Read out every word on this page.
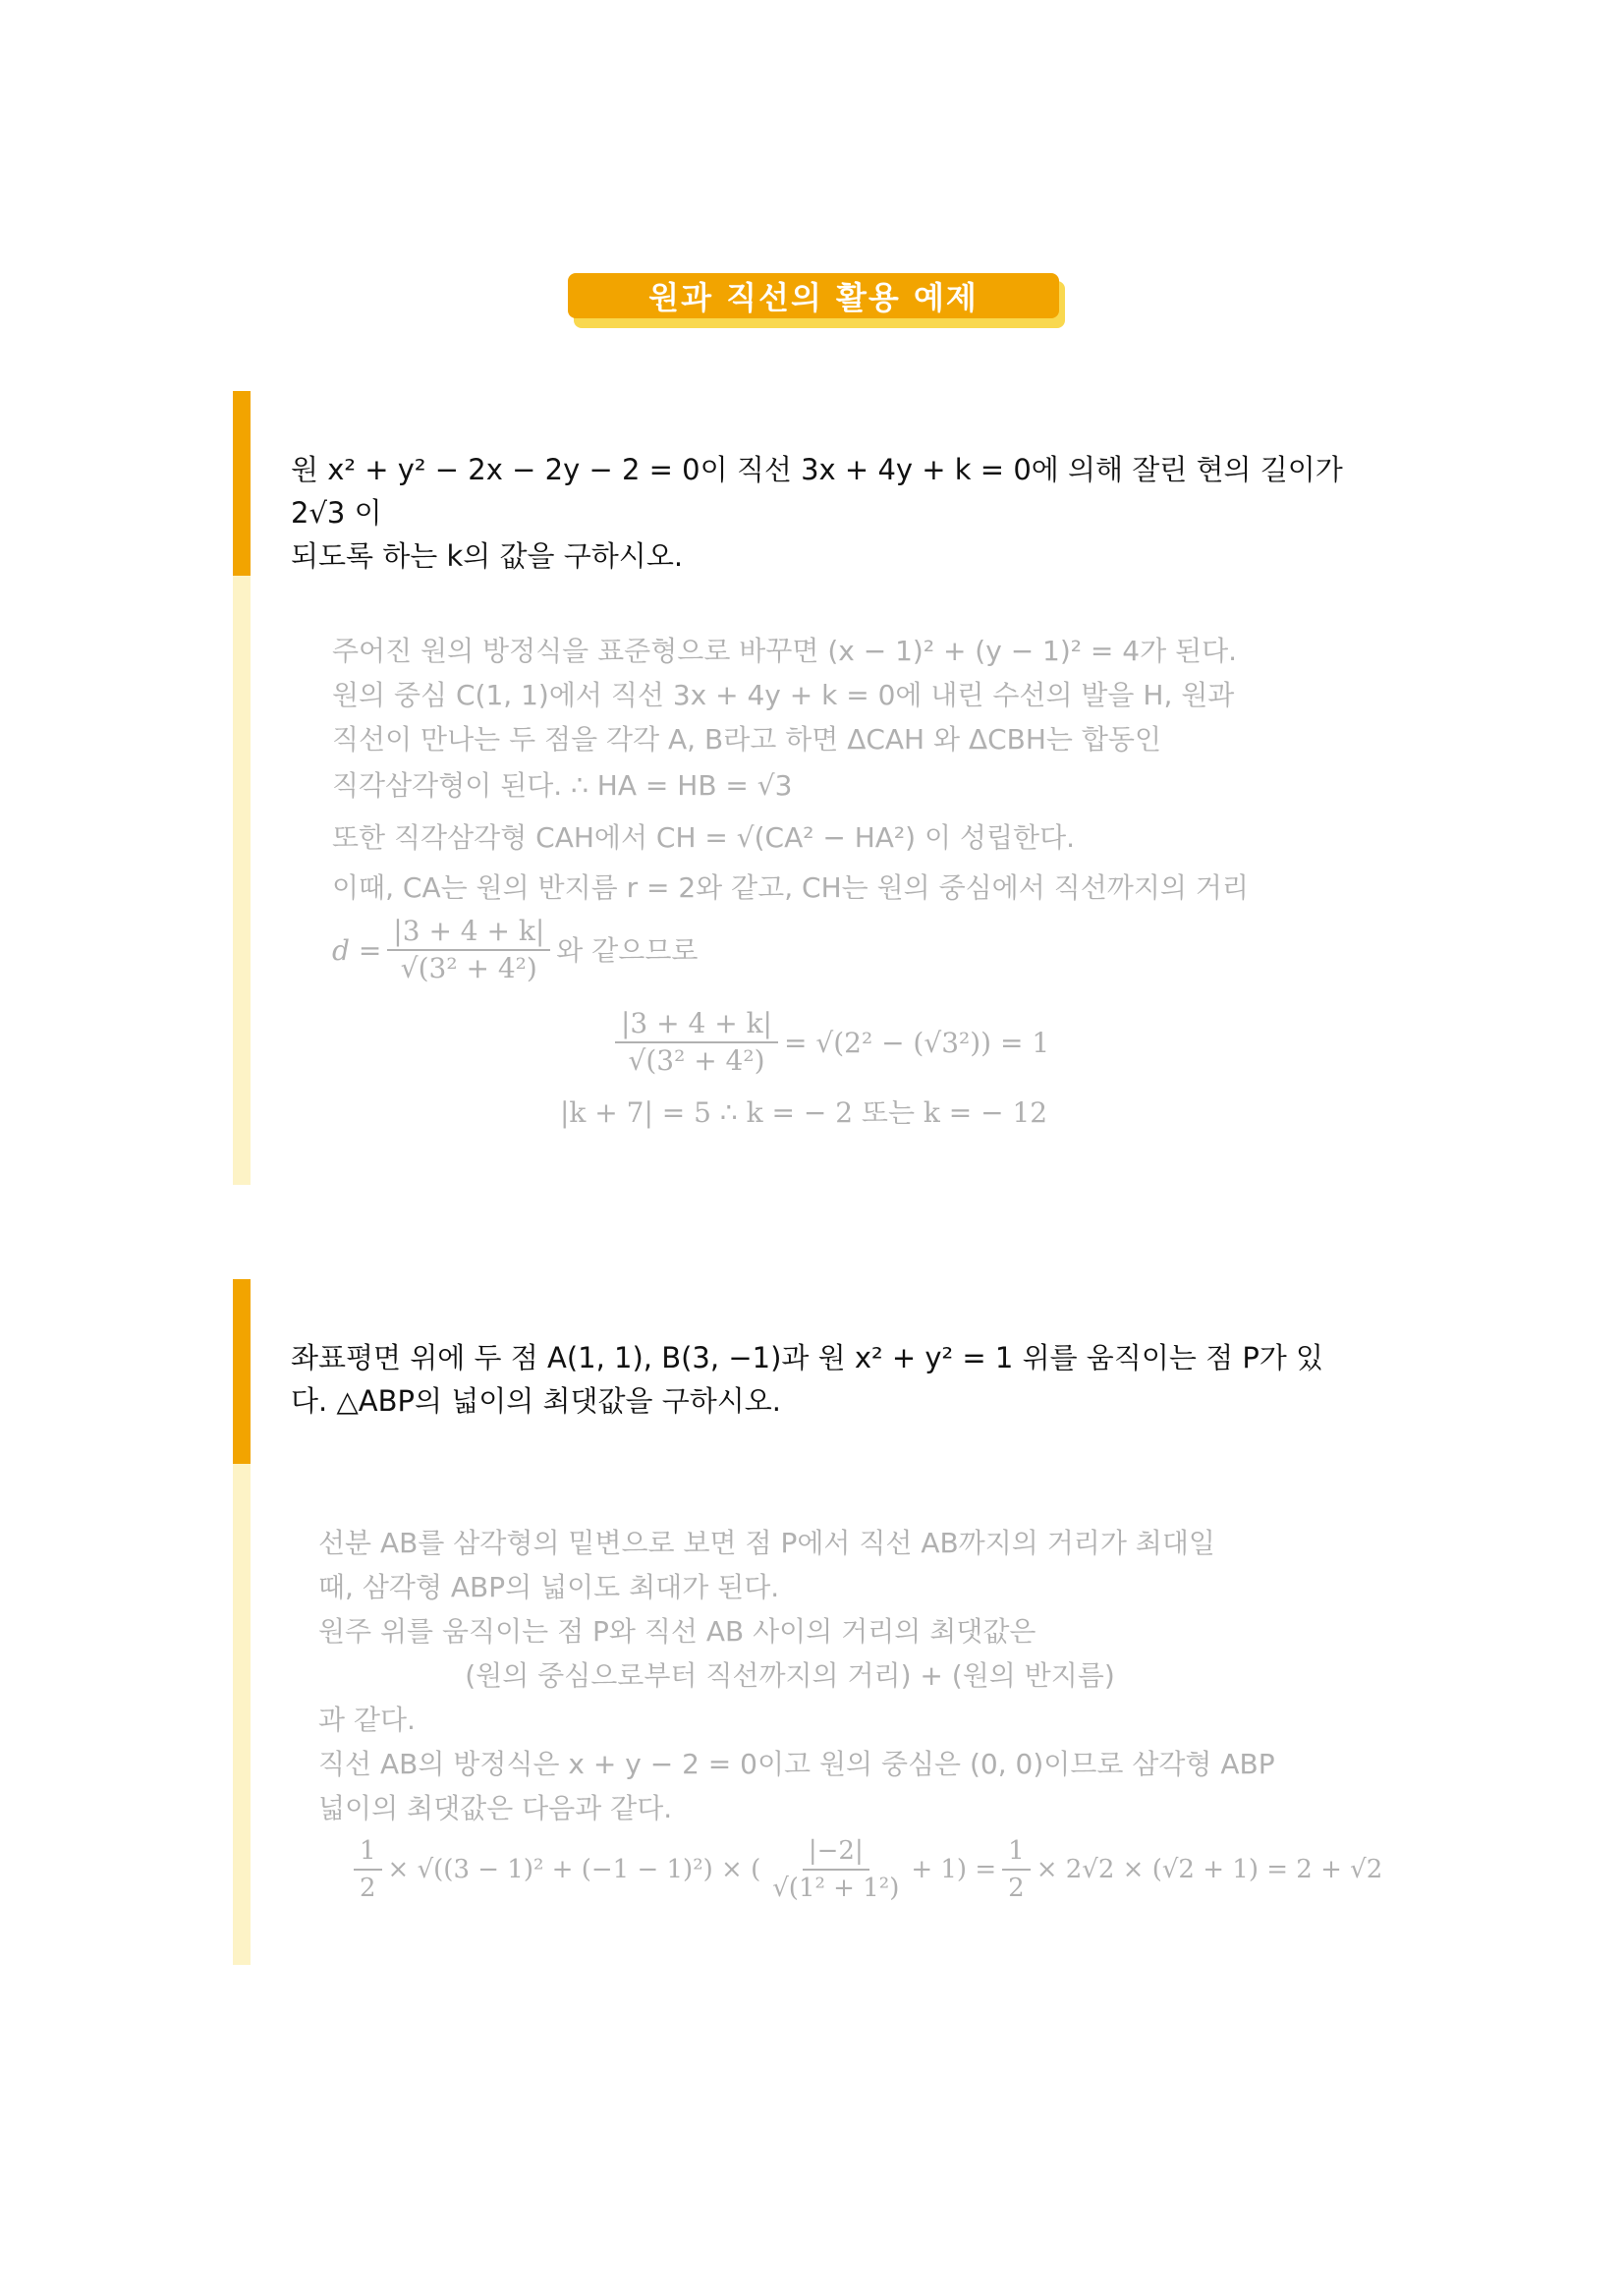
원과 직선의 활용 예제
원 x² + y² − 2x − 2y − 2 = 0이 직선 3x + 4y + k = 0에 의해 잘린 현의 길이가 2√3 이
되도록 하는 k의 값을 구하시오.
주어진 원의 방정식을 표준형으로 바꾸면 (x − 1)² + (y − 1)² = 4가 된다.
원의 중심 C(1, 1)에서 직선 3x + 4y + k = 0에 내린 수선의 발을 H, 원과
직선이 만나는 두 점을 각각 A, B라고 하면 ΔCAH 와 ΔCBH는 합동인
직각삼각형이 된다. ∴ HA = HB = √3
또한 직각삼각형 CAH에서 CH = √(CA² − HA²) 이 성립한다.
이때, CA는 원의 반지름 r = 2와 같고, CH는 원의 중심에서 직선까지의 거리
$d = \frac{|3 + 4 + k|}{\text{√(3² + 4²)}}$ 와 같으므로
$\frac{|3 + 4 + k|}{\text{√(3² + 4²)}} = √(2^2 - (√3^2)) = 1$
|k + 7| = 5 ∴ k = − 2 또는 k = − 12
좌표평면 위에 두 점 A(1, 1), B(3, −1)과 원 x² + y² = 1 위를 움직이는 점 P가 있
다. △ABP의 넓이의 최댓값을 구하시오.
선분 AB를 삼각형의 밑변으로 보면 점 P에서 직선 AB까지의 거리가 최대일
때, 삼각형 ABP의 넓이도 최대가 된다.
원주 위를 움직이는 점 P와 직선 AB 사이의 거리의 최댓값은
(원의 중심으로부터 직선까지의 거리) + (원의 반지름)
과 같다.
직선 AB의 방정식은 x + y − 2 = 0이고 원의 중심은 (0, 0)이므로 삼각형 ABP
넓이의 최댓값은 다음과 같다.
$\frac{1}{2} \times √((3 - 1)^2 + (-1 - 1)^2)$ × ( $\frac{|-2|}{\text{√(1² + 1²)}} + 1) = \frac{1}{2} \times 2√2 \times (√2 + 1) = 2 + √2$
